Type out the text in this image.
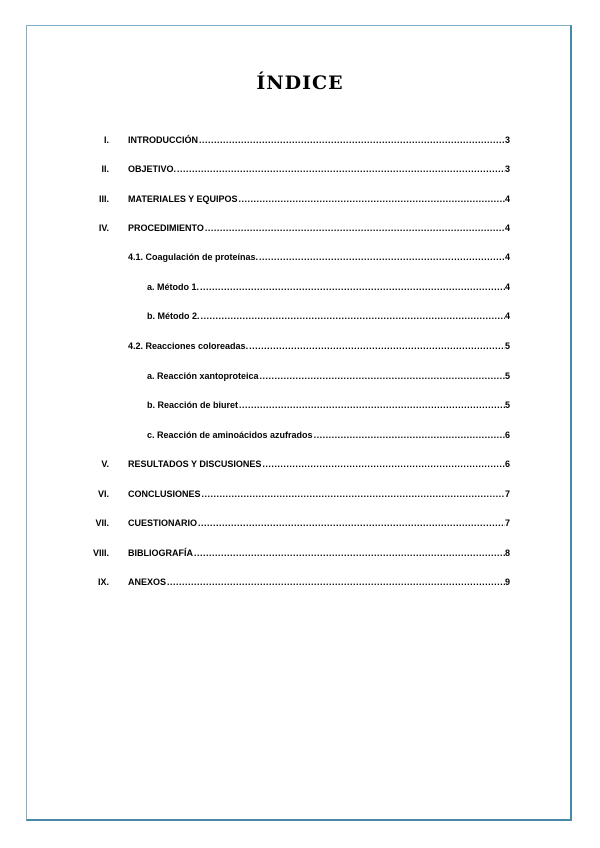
ÍNDICE
I. INTRODUCCIÓN .....	3
II. OBJETIVO. .....	3
III. MATERIALES Y EQUIPOS .....	4
IV. PROCEDIMIENTO .....	4
4.1. Coagulación de proteínas. .....	4
a. Método 1. .....	4
b. Método 2. .....	4
4.2. Reacciones coloreadas. .....	5
a. Reacción xantoproteica .....	5
b. Reacción de biuret .....	5
c. Reacción de aminoácidos azufrados .....	6
V. RESULTADOS Y DISCUSIONES .....	6
VI. CONCLUSIONES .....	7
VII. CUESTIONARIO .....	7
VIII. BIBLIOGRAFÍA .....	8
IX. ANEXOS .....	9
